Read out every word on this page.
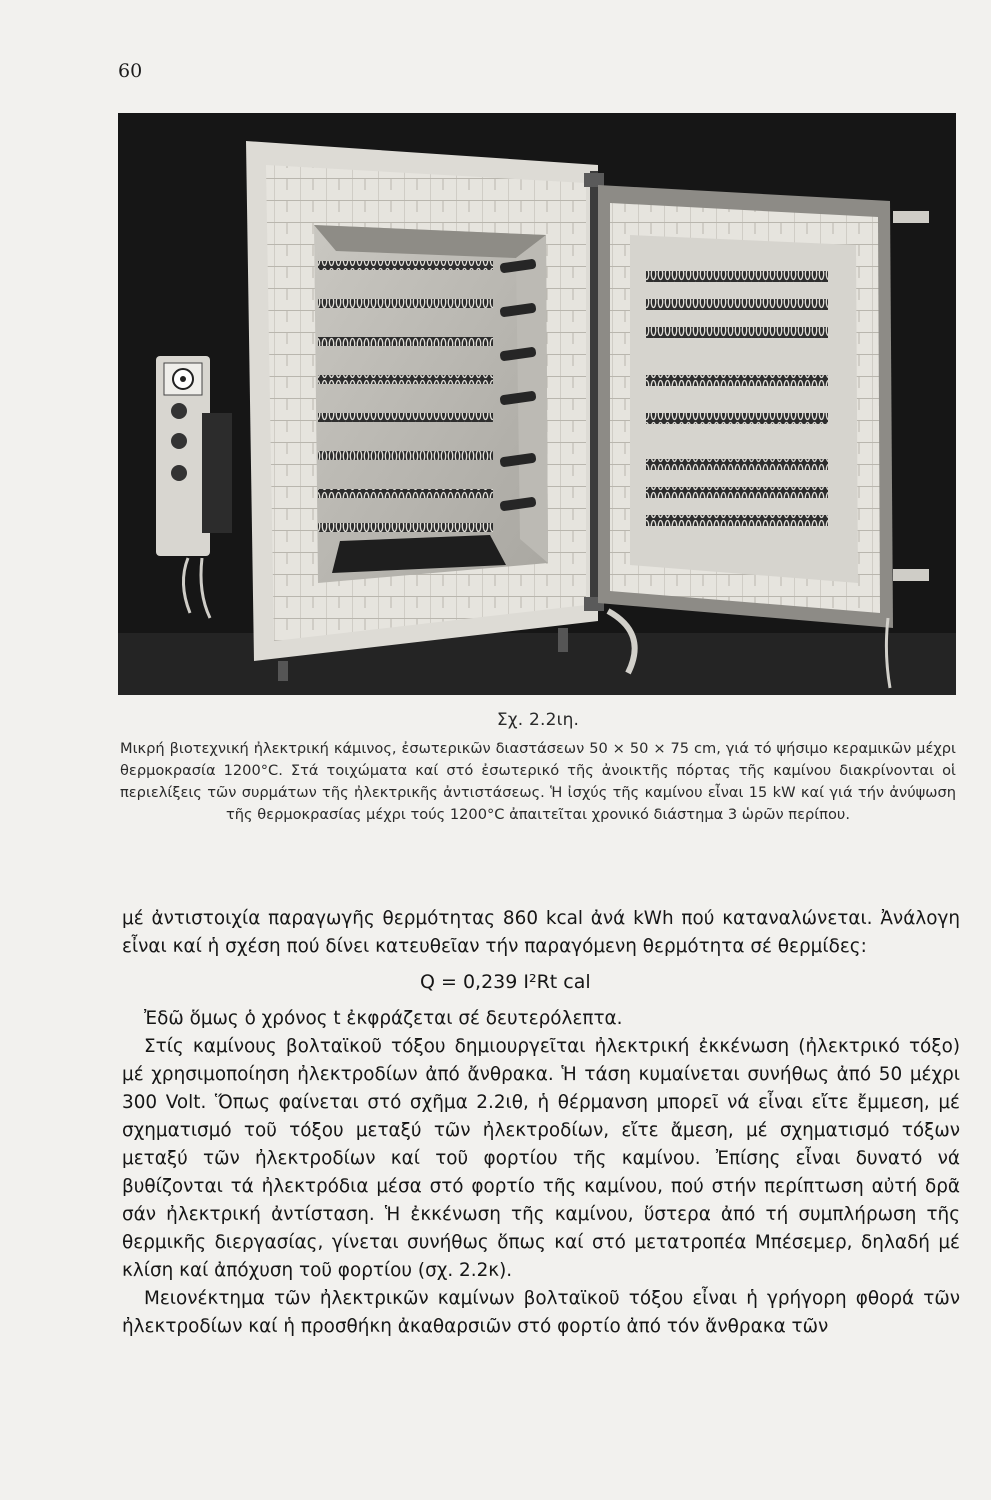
60

Σχ. 2.2ιη.

Μικρή βιοτεχνική ἠλεκτρική κάμινος, ἐσωτερικῶν διαστάσεων 50 × 50 × 75 cm, γιά τό ψήσιμο κεραμικῶν μέχρι θερμοκρασία 1200°C. Στά τοιχώματα καί στό ἐσωτερικό τῆς ἀνοικτῆς πόρτας τῆς καμίνου διακρίνονται οἱ περιελίξεις τῶν συρμάτων τῆς ἠλεκτρικῆς ἀντιστάσεως. Ἡ ἰσχύς τῆς καμίνου εἶναι 15 kW καί γιά τήν ἀνύψωση τῆς θερμοκρασίας μέχρι τούς 1200°C ἀπαιτεῖται χρονικό διάστημα 3 ὡρῶν περίπου.

μέ ἀντιστοιχία παραγωγῆς θερμότητας 860 kcal ἀνά kWh πού καταναλώνεται. Ἀνάλογη εἶναι καί ἡ σχέση πού δίνει κατευθεῖαν τήν παραγόμενη θερμότητα σέ θερμίδες:

Q = 0,239 I²Rt cal

Ἐδῶ ὅμως ὁ χρόνος t ἐκφράζεται σέ δευτερόλεπτα.

Στίς καμίνους βολταϊκοῦ τόξου δημιουργεῖται ἠλεκτρική ἐκκένωση (ἠλεκτρικό τόξο) μέ χρησιμοποίηση ἠλεκτροδίων ἀπό ἄνθρακα. Ἡ τάση κυμαίνεται συνήθως ἀπό 50 μέχρι 300 Volt. Ὅπως φαίνεται στό σχῆμα 2.2ιθ, ἡ θέρμανση μπορεῖ νά εἶναι εἴτε ἔμμεση, μέ σχηματισμό τοῦ τόξου μεταξύ τῶν ἠλεκτροδίων, εἴτε ἄμεση, μέ σχηματισμό τόξων μεταξύ τῶν ἠλεκτροδίων καί τοῦ φορτίου τῆς καμίνου. Ἐπίσης εἶναι δυνατό νά βυθίζονται τά ἠλεκτρόδια μέσα στό φορτίο τῆς καμίνου, πού στήν περίπτωση αὐτή δρᾶ σάν ἠλεκτρική ἀντίσταση. Ἡ ἐκκένωση τῆς καμίνου, ὕστερα ἀπό τή συμπλήρωση τῆς θερμικῆς διεργασίας, γίνεται συνήθως ὅπως καί στό μετατροπέα Μπέσεμερ, δηλαδή μέ κλίση καί ἀπόχυση τοῦ φορτίου (σχ. 2.2κ).

Μειονέκτημα τῶν ἠλεκτρικῶν καμίνων βολταϊκοῦ τόξου εἶναι ἡ γρήγορη φθορά τῶν ἠλεκτροδίων καί ἡ προσθήκη ἀκαθαρσιῶν στό φορτίο ἀπό τόν ἄνθρακα τῶν
